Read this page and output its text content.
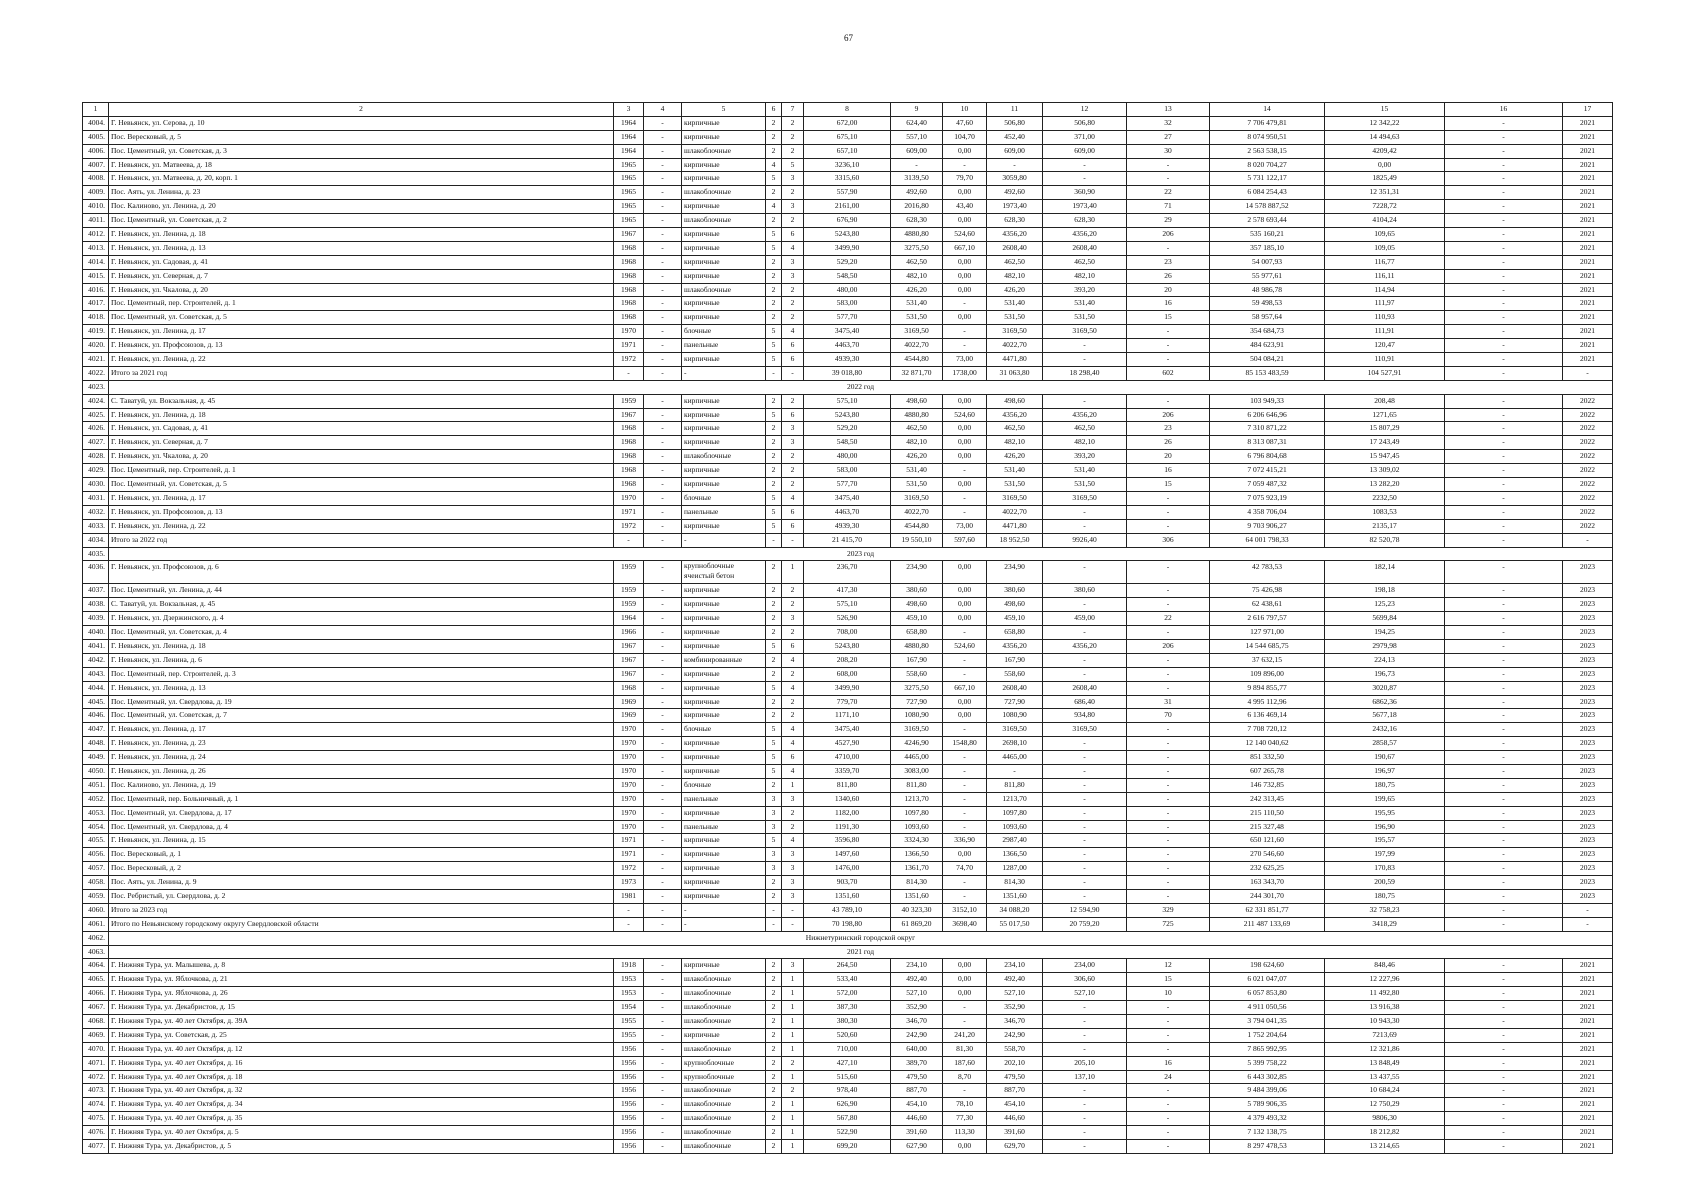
67
1	2	3	4	5	6	7	8	9	10	11	12	13	14	15	16	17
4004.	Г. Невьянск, ул. Серова, д. 10	1964	-	кирпичные	2	2	672,00	624,40	47,60	506,80	506,80	32	7 706 479,81	12 342,22	-	2021
4005.	Пос. Вересковый, д. 5	1964	-	кирпичные	2	2	675,10	557,10	104,70	452,40	371,00	27	8 074 950,51	14 494,63	-	2021
4006.	Пос. Цементный, ул. Советская, д. 3	1964	-	шлакоблочные	2	2	657,10	609,00	0,00	609,00	609,00	30	2 563 538,15	4209,42	-	2021
4007.	Г. Невьянск, ул. Матвеева, д. 18	1965	-	кирпичные	4	5	3236,10	-	-	-	-	-	8 020 704,27	0,00	-	2021
4008.	Г. Невьянск, ул. Матвеева, д. 20, корп. 1	1965	-	кирпичные	5	3	3315,60	3139,50	79,70	3059,80	-	-	5 731 122,17	1825,49	-	2021
4009.	Пос. Аять, ул. Ленина, д. 23	1965	-	шлакоблочные	2	2	557,90	492,60	0,00	492,60	360,90	22	6 084 254,43	12 351,31	-	2021
4010.	Пос. Калиново, ул. Ленина, д. 20	1965	-	кирпичные	4	3	2161,00	2016,80	43,40	1973,40	1973,40	71	14 578 887,52	7228,72	-	2021
4011.	Пос. Цементный, ул. Советская, д. 2	1965	-	шлакоблочные	2	2	676,90	628,30	0,00	628,30	628,30	29	2 578 693,44	4104,24	-	2021
4012.	Г. Невьянск, ул. Ленина, д. 18	1967	-	кирпичные	5	6	5243,80	4880,80	524,60	4356,20	4356,20	206	535 160,21	109,65	-	2021
4013.	Г. Невьянск, ул. Ленина, д. 13	1968	-	кирпичные	5	4	3499,90	3275,50	667,10	2608,40	2608,40	-	357 185,10	109,05	-	2021
4014.	Г. Невьянск, ул. Садовая, д. 41	1968	-	кирпичные	2	3	529,20	462,50	0,00	462,50	462,50	23	54 007,93	116,77	-	2021
4015.	Г. Невьянск, ул. Северная, д. 7	1968	-	кирпичные	2	3	548,50	482,10	0,00	482,10	482,10	26	55 977,61	116,11	-	2021
4016.	Г. Невьянск, ул. Чкалова, д. 20	1968	-	шлакоблочные	2	2	480,00	426,20	0,00	426,20	393,20	20	48 986,78	114,94	-	2021
4017.	Пос. Цементный, пер. Строителей, д. 1	1968	-	кирпичные	2	2	583,00	531,40	-	531,40	531,40	16	59 498,53	111,97	-	2021
4018.	Пос. Цементный, ул. Советская, д. 5	1968	-	кирпичные	2	2	577,70	531,50	0,00	531,50	531,50	15	58 957,64	110,93	-	2021
4019.	Г. Невьянск, ул. Ленина, д. 17	1970	-	блочные	5	4	3475,40	3169,50	-	3169,50	3169,50	-	354 684,73	111,91	-	2021
4020.	Г. Невьянск, ул. Профсоюзов, д. 13	1971	-	панельные	5	6	4463,70	4022,70	-	4022,70	-	-	484 623,91	120,47	-	2021
4021.	Г. Невьянск, ул. Ленина, д. 22	1972	-	кирпичные	5	6	4939,30	4544,80	73,00	4471,80	-	-	504 084,21	110,91	-	2021
4022.	Итого за 2021 год	-	-	-	-	-	39 018,80	32 871,70	1738,00	31 063,80	18 298,40	602	85 153 483,59	104 527,91	-	-
4023.	2022 год															
4024.	С. Таватуй, ул. Вокзальная, д. 45	1959	-	кирпичные	2	2	575,10	498,60	0,00	498,60	-	-	103 949,33	208,48	-	2022
4025.	Г. Невьянск, ул. Ленина, д. 18	1967	-	кирпичные	5	6	5243,80	4880,80	524,60	4356,20	4356,20	206	6 206 646,96	1271,65	-	2022
4026.	Г. Невьянск, ул. Садовая, д. 41	1968	-	кирпичные	2	3	529,20	462,50	0,00	462,50	462,50	23	7 310 871,22	15 807,29	-	2022
4027.	Г. Невьянск, ул. Северная, д. 7	1968	-	кирпичные	2	3	548,50	482,10	0,00	482,10	482,10	26	8 313 087,31	17 243,49	-	2022
4028.	Г. Невьянск, ул. Чкалова, д. 20	1968	-	шлакоблочные	2	2	480,00	426,20	0,00	426,20	393,20	20	6 796 804,68	15 947,45	-	2022
4029.	Пос. Цементный, пер. Строителей, д. 1	1968	-	кирпичные	2	2	583,00	531,40	-	531,40	531,40	16	7 072 415,21	13 309,02	-	2022
4030.	Пос. Цементный, ул. Советская, д. 5	1968	-	кирпичные	2	2	577,70	531,50	0,00	531,50	531,50	15	7 059 487,32	13 282,20	-	2022
4031.	Г. Невьянск, ул. Ленина, д. 17	1970	-	блочные	5	4	3475,40	3169,50	-	3169,50	3169,50	-	7 075 923,19	2232,50	-	2022
4032.	Г. Невьянск, ул. Профсоюзов, д. 13	1971	-	панельные	5	6	4463,70	4022,70	-	4022,70	-	-	4 358 706,04	1083,53	-	2022
4033.	Г. Невьянск, ул. Ленина, д. 22	1972	-	кирпичные	5	6	4939,30	4544,80	73,00	4471,80	-	-	9 703 906,27	2135,17	-	2022
4034.	Итого за 2022 год	-	-	-	-	-	21 415,70	19 550,10	597,60	18 952,50	9926,40	306	64 001 798,33	82 520,78	-	-
4035.	2023 год															
4036.	Г. Невьянск, ул. Профсоюзов, д. 6	1959	-	крупноблочные ячеистый бетон	2	1	236,70	234,90	0,00	234,90	-	-	42 783,53	182,14	-	2023
4037.	Пос. Цементный, ул. Ленина, д. 44	1959	-	кирпичные	2	2	417,30	380,60	0,00	380,60	380,60	-	75 426,98	198,18	-	2023
4038.	С. Таватуй, ул. Вокзальная, д. 45	1959	-	кирпичные	2	2	575,10	498,60	0,00	498,60	-	-	62 438,61	125,23	-	2023
4039.	Г. Невьянск, ул. Дзержинского, д. 4	1964	-	кирпичные	2	3	526,90	459,10	0,00	459,10	459,00	22	2 616 797,57	5699,84	-	2023
4040.	Пос. Цементный, ул. Советская, д. 4	1966	-	кирпичные	2	2	708,00	658,80	-	658,80	-	-	127 971,00	194,25	-	2023
4041.	Г. Невьянск, ул. Ленина, д. 18	1967	-	кирпичные	5	6	5243,80	4880,80	524,60	4356,20	4356,20	206	14 544 685,75	2979,98	-	2023
4042.	Г. Невьянск, ул. Ленина, д. 6	1967	-	комбинированные	2	4	208,20	167,90	-	167,90	-	-	37 632,15	224,13	-	2023
4043.	Пос. Цементный, пер. Строителей, д. 3	1967	-	кирпичные	2	2	608,00	558,60	-	558,60	-	-	109 896,00	196,73	-	2023
4044.	Г. Невьянск, ул. Ленина, д. 13	1968	-	кирпичные	5	4	3499,90	3275,50	667,10	2608,40	2608,40	-	9 894 855,77	3020,87	-	2023
4045.	Пос. Цементный, ул. Свердлова, д. 19	1969	-	кирпичные	2	2	779,70	727,90	0,00	727,90	686,40	31	4 995 112,96	6862,36	-	2023
4046.	Пос. Цементный, ул. Советская, д. 7	1969	-	кирпичные	2	2	1171,10	1080,90	0,00	1080,90	934,80	70	6 136 469,14	5677,18	-	2023
4047.	Г. Невьянск, ул. Ленина, д. 17	1970	-	блочные	5	4	3475,40	3169,50	-	3169,50	3169,50	-	7 708 720,12	2432,16	-	2023
4048.	Г. Невьянск, ул. Ленина, д. 23	1970	-	кирпичные	5	4	4527,90	4246,90	1548,80	2698,10	-	-	12 140 040,62	2858,57	-	2023
4049.	Г. Невьянск, ул. Ленина, д. 24	1970	-	кирпичные	5	6	4710,00	4465,00	-	4465,00	-	-	851 332,50	190,67	-	2023
4050.	Г. Невьянск, ул. Ленина, д. 26	1970	-	кирпичные	5	4	3359,70	3083,00	-	-	-	-	607 265,78	196,97	-	2023
4051.	Пос. Калиново, ул. Ленина, д. 19	1970	-	блочные	2	1	811,80	811,80	-	811,80	-	-	146 732,85	180,75	-	2023
4052.	Пос. Цементный, пер. Больничный, д. 1	1970	-	панельные	3	3	1340,60	1213,70	-	1213,70	-	-	242 313,45	199,65	-	2023
4053.	Пос. Цементный, ул. Свердлова, д. 17	1970	-	кирпичные	3	2	1182,00	1097,80	-	1097,80	-	-	215 110,50	195,95	-	2023
4054.	Пос. Цементный, ул. Свердлова, д. 4	1970	-	панельные	3	2	1191,30	1093,60	-	1093,60	-	-	215 327,48	196,90	-	2023
4055.	Г. Невьянск, ул. Ленина, д. 15	1971	-	кирпичные	5	4	3596,80	3324,30	336,90	2987,40	-	-	650 121,60	195,57	-	2023
4056.	Пос. Вересковый, д. 1	1971	-	кирпичные	3	3	1497,60	1366,50	0,00	1366,50	-	-	270 546,60	197,99	-	2023
4057.	Пос. Вересковый, д. 2	1972	-	кирпичные	3	3	1476,00	1361,70	74,70	1287,00	-	-	232 625,25	170,83	-	2023
4058.	Пос. Аять, ул. Ленина, д. 9	1973	-	кирпичные	2	3	903,70	814,30	-	814,30	-	-	163 343,70	200,59	-	2023
4059.	Пос. Ребристый, ул. Свердлова, д. 2	1981	-	кирпичные	2	3	1351,60	1351,60	-	1351,60	-	-	244 301,70	180,75	-	2023
4060.	Итого за 2023 год	-	-	-	-	-	43 789,10	40 323,30	3152,10	34 088,20	12 594,90	329	62 331 851,77	32 758,23	-	-
4061.	Итого по Невьянскому городскому округу Свердловской области	-	-	-	-	-	70 198,80	61 869,20	3698,40	55 017,50	20 759,20	725	211 487 133,69	3418,29	-	-
4062.	Нижнетуринский городской округ															
4063.	2021 год															
4064.	Г. Нижняя Тура, ул. Малышева, д. 8	1918	-	кирпичные	2	3	264,50	234,10	0,00	234,10	234,00	12	198 624,60	848,46	-	2021
4065.	Г. Нижняя Тура, ул. Яблочкова, д. 21	1953	-	шлакоблочные	2	1	533,40	492,40	0,00	492,40	306,60	15	6 021 047,07	12 227,96	-	2021
4066.	Г. Нижняя Тура, ул. Яблочкова, д. 26	1953	-	шлакоблочные	2	1	572,00	527,10	0,00	527,10	527,10	10	6 057 853,80	11 492,80	-	2021
4067.	Г. Нижняя Тура, ул. Декабристов, д. 15	1954	-	шлакоблочные	2	1	387,30	352,90	-	352,90	-	-	4 911 050,56	13 916,38	-	2021
4068.	Г. Нижняя Тура, ул. 40 лет Октября, д. 39А	1955	-	шлакоблочные	2	1	380,30	346,70	-	346,70	-	-	3 794 041,35	10 943,30	-	2021
4069.	Г. Нижняя Тура, ул. Советская, д. 25	1955	-	кирпичные	2	1	520,60	242,90	241,20	242,90	-	-	1 752 204,64	7213,69	-	2021
4070.	Г. Нижняя Тура, ул. 40 лет Октября, д. 12	1956	-	шлакоблочные	2	1	710,00	640,00	81,30	558,70	-	-	7 865 992,95	12 321,86	-	2021
4071.	Г. Нижняя Тура, ул. 40 лет Октября, д. 16	1956	-	крупноблочные	2	2	427,10	389,70	187,60	202,10	205,10	16	5 399 758,22	13 848,49	-	2021
4072.	Г. Нижняя Тура, ул. 40 лет Октября, д. 18	1956	-	крупноблочные	2	1	515,60	479,50	8,70	479,50	137,10	24	6 443 302,85	13 437,55	-	2021
4073.	Г. Нижняя Тура, ул. 40 лет Октября, д. 32	1956	-	шлакоблочные	2	2	978,40	887,70	-	887,70	-	-	9 484 399,06	10 684,24	-	2021
4074.	Г. Нижняя Тура, ул. 40 лет Октября, д. 34	1956	-	шлакоблочные	2	1	626,90	454,10	78,10	454,10	-	-	5 789 906,35	12 750,29	-	2021
4075.	Г. Нижняя Тура, ул. 40 лет Октября, д. 35	1956	-	шлакоблочные	2	1	567,80	446,60	77,30	446,60	-	-	4 379 493,32	9806,30	-	2021
4076.	Г. Нижняя Тура, ул. 40 лет Октября, д. 5	1956	-	шлакоблочные	2	1	522,90	391,60	113,30	391,60	-	-	7 132 138,75	18 212,82	-	2021
4077.	Г. Нижняя Тура, ул. Декабристов, д. 5	1956	-	шлакоблочные	2	1	699,20	627,90	0,00	629,70	-	-	8 297 478,53	13 214,65	-	2021
